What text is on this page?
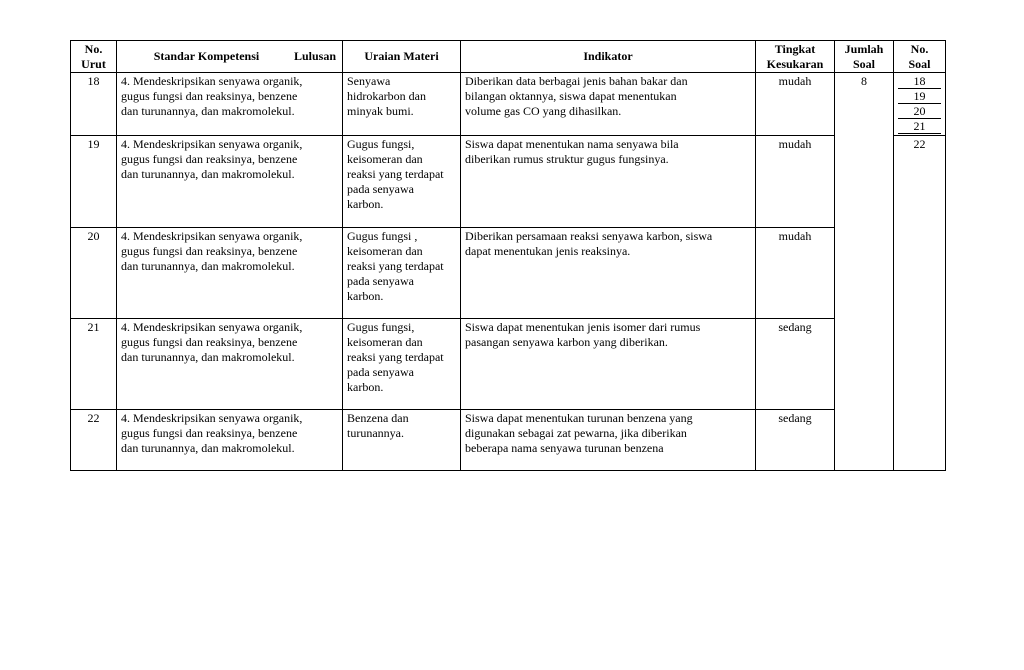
No.
Urut	Standar Kompetensi Lulusan	Uraian Materi	Indikator	Tingkat
Kesukaran	Jumlah
Soal	No.
Soal

18	4. Mendeskripsikan senyawa organik,
gugus fungsi dan reaksinya, benzene
dan turunannya, dan makromolekul.	Senyawa
hidrokarbon dan
minyak bumi.	Diberikan data berbagai jenis bahan bakar dan
bilangan oktannya, siswa dapat menentukan
volume gas CO yang dihasilkan.	mudah	8	18
19
20
21

19	4. Mendeskripsikan senyawa organik,
gugus fungsi dan reaksinya, benzene
dan turunannya, dan makromolekul.	Gugus fungsi,
keisomeran dan
reaksi yang terdapat
pada senyawa
karbon.	Siswa dapat menentukan nama senyawa bila
diberikan rumus struktur gugus fungsinya.	mudah		22

20	4. Mendeskripsikan senyawa organik,
gugus fungsi dan reaksinya, benzene
dan turunannya, dan makromolekul.	Gugus fungsi ,
keisomeran dan
reaksi yang terdapat
pada senyawa
karbon.	Diberikan persamaan reaksi senyawa karbon, siswa
dapat menentukan jenis reaksinya.	mudah		
21	4. Mendeskripsikan senyawa organik,
gugus fungsi dan reaksinya, benzene
dan turunannya, dan makromolekul.	Gugus fungsi,
keisomeran dan
reaksi yang terdapat
pada senyawa
karbon.	Siswa dapat menentukan jenis isomer dari rumus
pasangan senyawa karbon yang diberikan.	sedang		
22	4. Mendeskripsikan senyawa organik,
gugus fungsi dan reaksinya, benzene
dan turunannya, dan makromolekul.	Benzena dan
turunannya.	Siswa dapat menentukan turunan benzena yang
digunakan sebagai zat pewarna, jika diberikan
beberapa nama senyawa turunan benzena	sedang		
